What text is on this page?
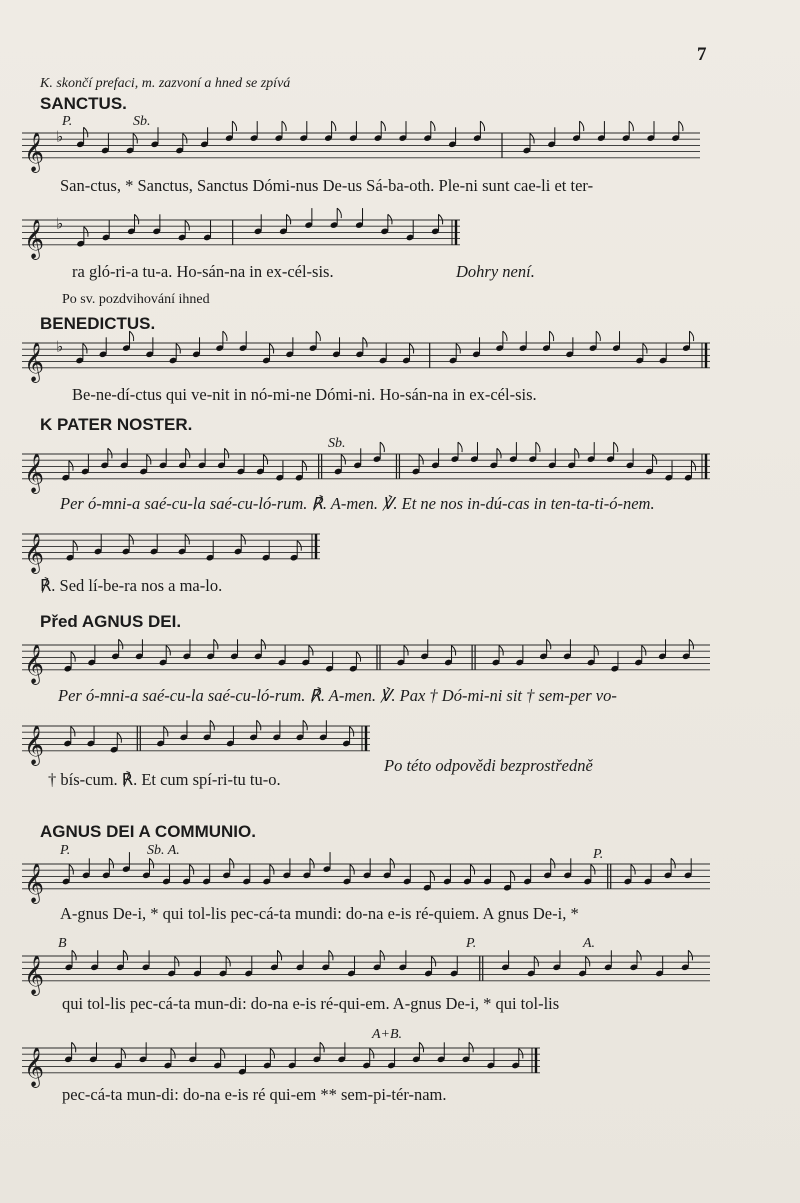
7
K. skončí prefaci, m. zazvoní a hned se zpívá
SANCTUS.
P.	Sb.
𝄞 ♭
San-ctus, * Sanctus, Sanctus Dómi-nus De-us Sá-ba-oth. Ple-ni sunt cae-li et ter-
𝄞 ♭
ra gló-ri-a tu-a. Ho-sán-na in ex-cél-sis.	Dohry není.
Po sv. pozdvihování ihned
BENEDICTUS.
𝄞 ♭
Be-ne-dí-ctus qui ve-nit in nó-mi-ne Dómi-ni. Ho-sán-na in ex-cél-sis.
K PATER NOSTER.
Sb.
𝄞
Per ó-mni-a saé-cu-la saé-cu-ló-rum. ℟. A-men. ℣. Et ne nos in-dú-cas in ten-ta-ti-ó-nem.
𝄞
℟. Sed lí-be-ra nos a ma-lo.
Před AGNUS DEI.
𝄞
Per ó-mni-a saé-cu-la saé-cu-ló-rum. ℟. A-men. ℣. Pax † Dó-mi-ni sit † sem-per vo-
𝄞
† bís-cum. ℟. Et cum spí-ri-tu tu-o.
Po této odpovědi bezprostředně
AGNUS DEI A COMMUNIO.
P.	Sb. A.	P.
𝄞
A-gnus De-i, * qui tol-lis pec-cá-ta mundi: do-na e-is ré-quiem. A gnus De-i, *
B	P.	A.
𝄞
qui tol-lis pec-cá-ta mun-di: do-na e-is ré-qui-em. A-gnus De-i, * qui tol-lis
A+B.
𝄞
pec-cá-ta mun-di: do-na e-is ré qui-em ** sem-pi-tér-nam.
